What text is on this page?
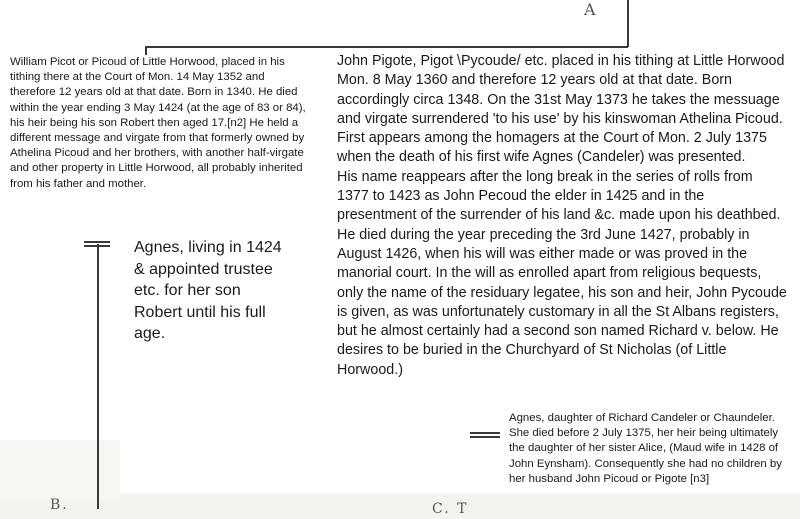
A
B.	C. T

William Picot or Picoud of Little Horwood, placed in his tithing there at the Court of Mon. 14 May 1352 and therefore 12 years old at that date. Born in 1340. He died within the year ending 3 May 1424 (at the age of 83 or 84), his heir being his son Robert then aged 17.[n2] He held a different message and virgate from that formerly owned by Athelina Picoud and her brothers, with another half-virgate and other property in Little Horwood, all probably inherited from his father and mother.

Agnes, living in 1424 & appointed trustee etc. for her son Robert until his full age.

John Pigote, Pigot \Pycoude/ etc. placed in his tithing at Little Horwood Mon. 8 May 1360 and therefore 12 years old at that date. Born accordingly circa 1348. On the 31st May 1373 he takes the messuage and virgate surrendered 'to his use' by his kinswoman Athelina Picoud. First appears among the homagers at the Court of Mon. 2 July 1375 when the death of his first wife Agnes (Candeler) was presented.
His name reappears after the long break in the series of rolls from 1377 to 1423 as John Pecoud the elder in 1425 and in the presentment of the surrender of his land &c. made upon his deathbed. He died during the year preceding the 3rd June 1427, probably in August 1426, when his will was either made or was proved in the manorial court. In the will as enrolled apart from religious bequests, only the name of the residuary legatee, his son and heir, John Pycoude is given, as was unfortunately customary in all the St Albans registers, but he almost certainly had a second son named Richard v. below. He desires to be buried in the Churchyard of St Nicholas (of Little Horwood.)

Agnes, daughter of Richard Candeler or Chaundeler. She died before 2 July 1375, her heir being ultimately the daughter of her sister Alice, (Maud wife in 1428 of John Eynsham). Consequently she had no children by her husband John Picoud or Pigote [n3]
